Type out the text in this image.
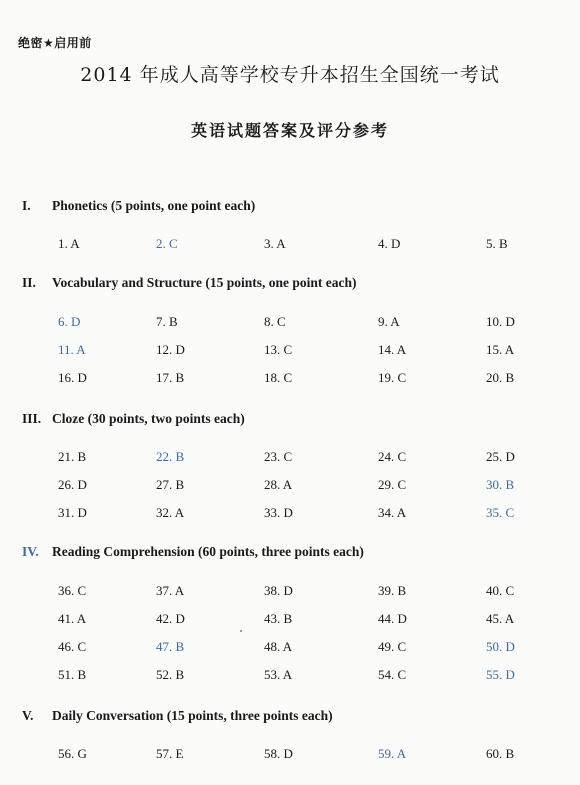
绝密★启用前
2014 年成人高等学校专升本招生全国统一考试
英语试题答案及评分参考
I. Phonetics (5 points, one point each)
1. A	2. C	3. A	4. D	5. B
II. Vocabulary and Structure (15 points, one point each)
6. D	7. B	8. C	9. A	10. D
11. A	12. D	13. C	14. A	15. A
16. D	17. B	18. C	19. C	20. B
III. Cloze (30 points, two points each)
21. B	22. B	23. C	24. C	25. D
26. D	27. B	28. A	29. C	30. B
31. D	32. A	33. D	34. A	35. C
IV. Reading Comprehension (60 points, three points each)
36. C	37. A	38. D	39. B	40. C
41. A	42. D	43. B	44. D	45. A
46. C	47. B	48. A	49. C	50. D
51. B	52. B	53. A	54. C	55. D
V. Daily Conversation (15 points, three points each)
56. G	57. E	58. D	59. A	60. B
